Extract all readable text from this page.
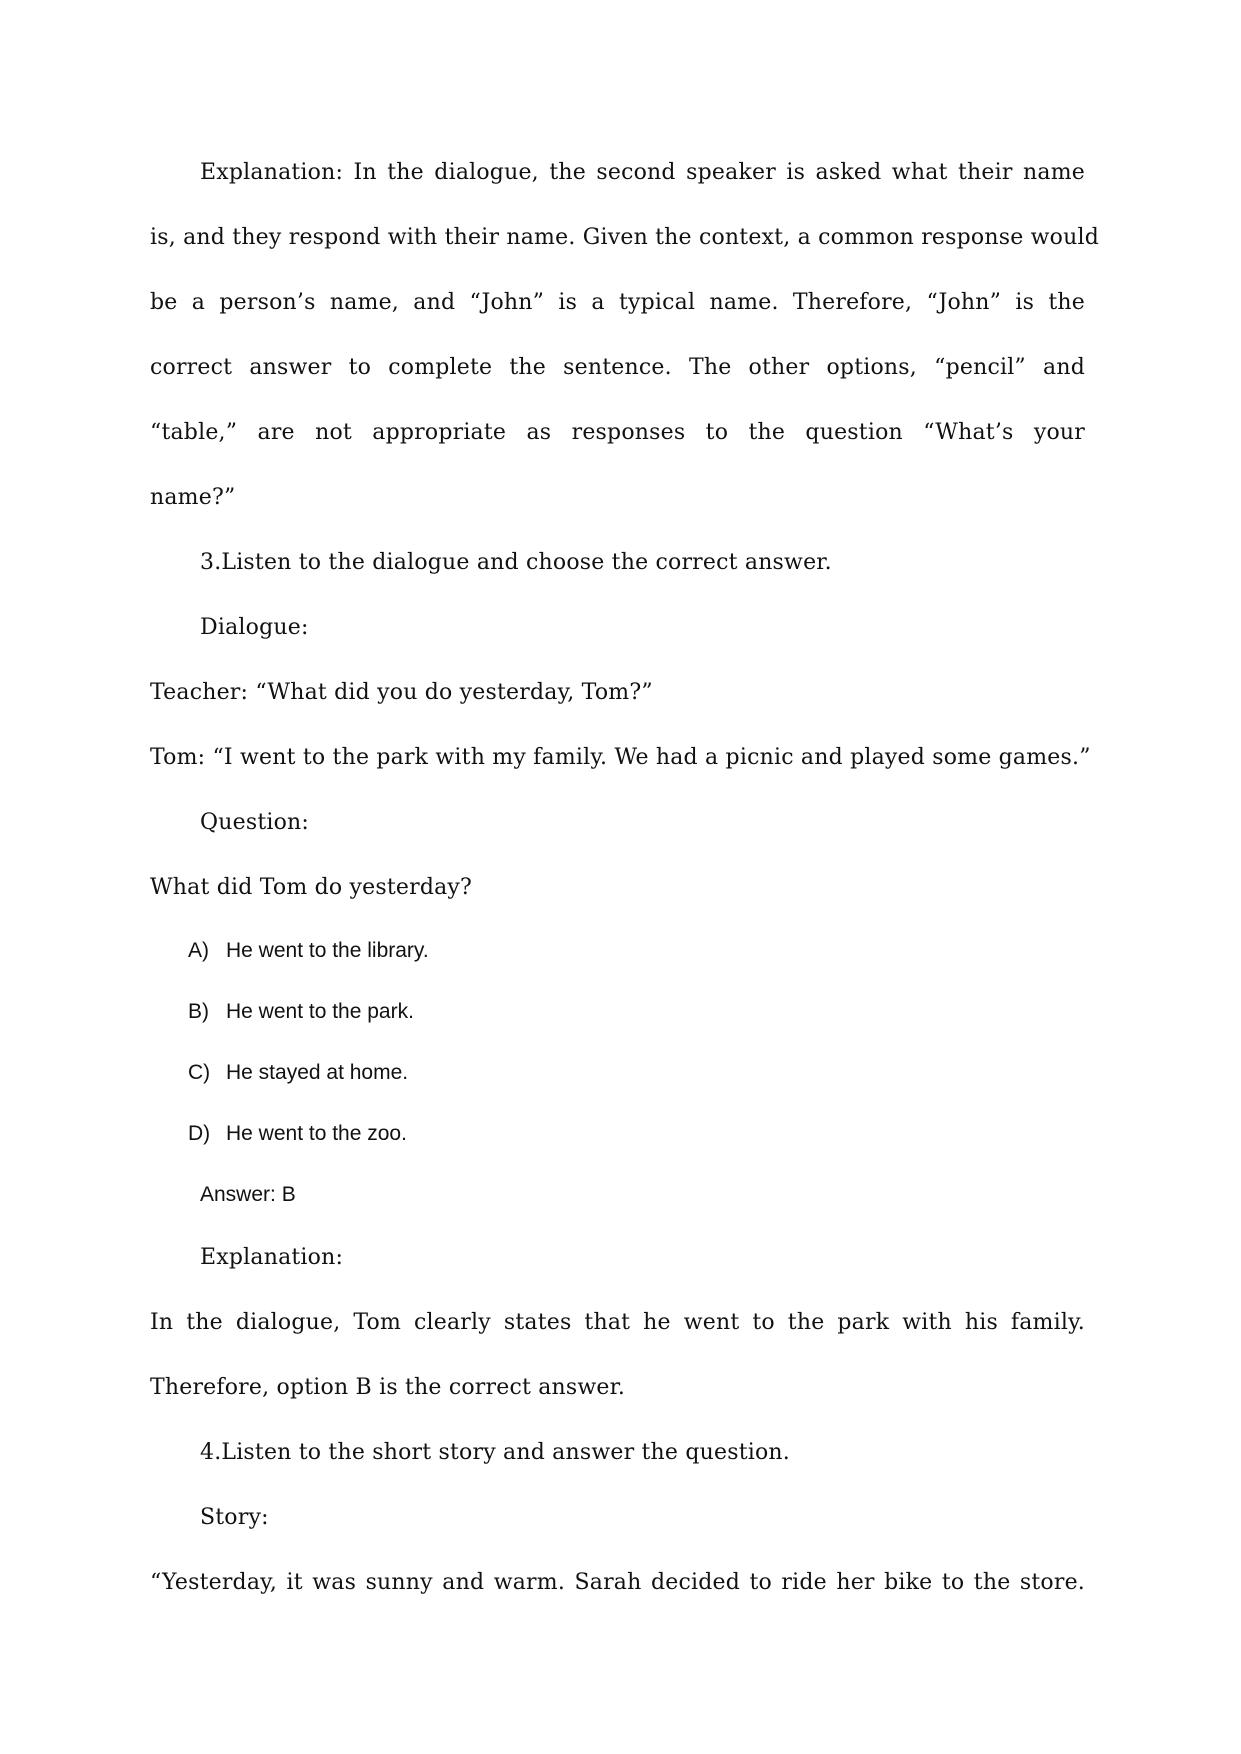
Explanation: In the dialogue, the second speaker is asked what their name
is, and they respond with their name. Given the context, a common response would
be a person’s name, and “John” is a typical name. Therefore, “John” is the
correct answer to complete the sentence. The other options, “pencil” and
“table,” are not appropriate as responses to the question “What’s your
name?”
3.Listen to the dialogue and choose the correct answer.
Dialogue:
Teacher: “What did you do yesterday, Tom?”
Tom: “I went to the park with my family. We had a picnic and played some games.”
Question:
What did Tom do yesterday?
A) He went to the library.
B) He went to the park.
C) He stayed at home.
D) He went to the zoo.
Answer: B
Explanation:
In the dialogue, Tom clearly states that he went to the park with his family.
Therefore, option B is the correct answer.
4.Listen to the short story and answer the question.
Story:
“Yesterday, it was sunny and warm. Sarah decided to ride her bike to the store.
